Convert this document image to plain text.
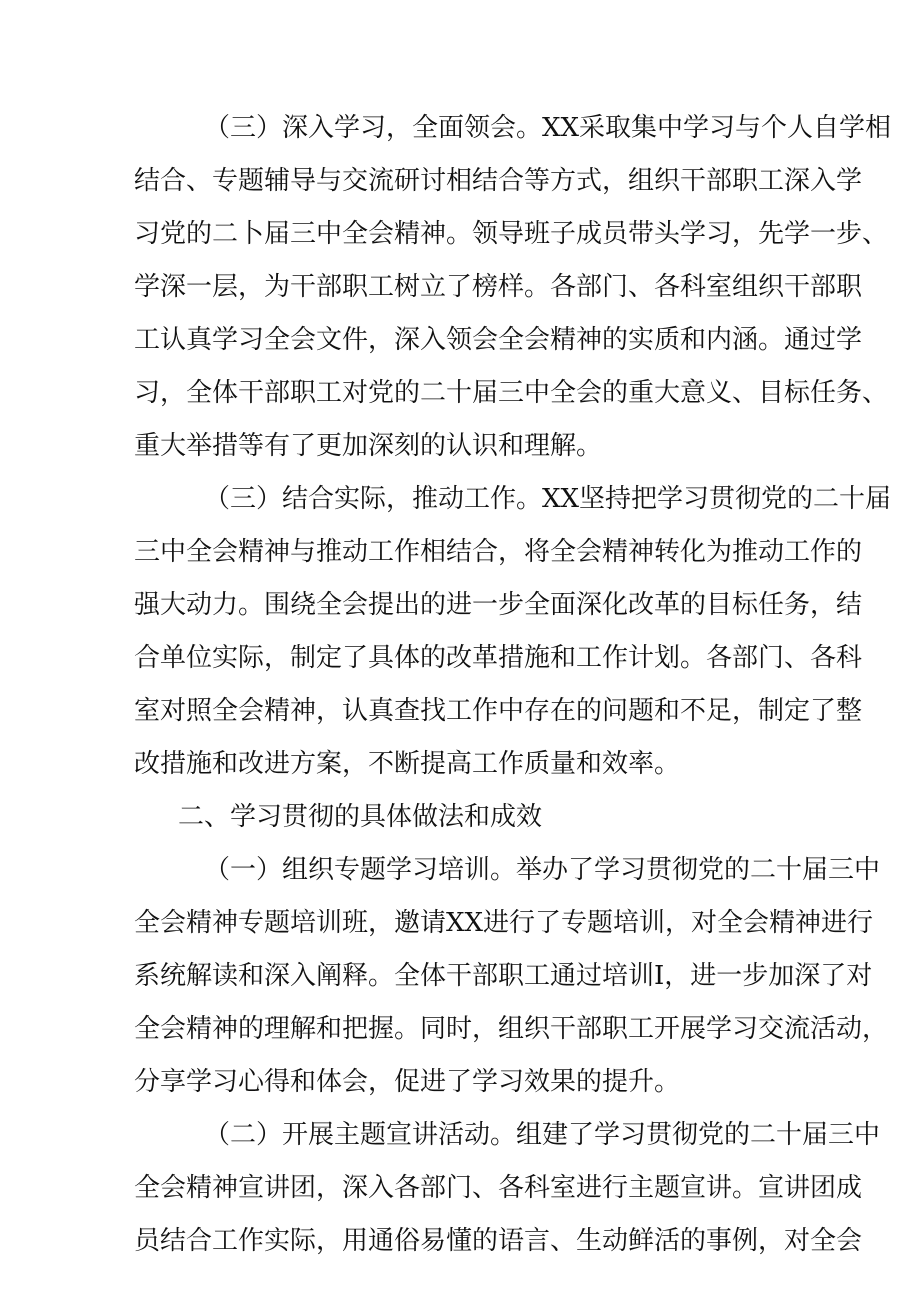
（三）深入学习，全面领会。XX采取集中学习与个人自学相
结合、专题辅导与交流研讨相结合等方式，组织干部职工深入学
习党的二卜届三中全会精神。领导班子成员带头学习，先学一步、
学深一层，为干部职工树立了榜样。各部门、各科室组织干部职
工认真学习全会文件，深入领会全会精神的实质和内涵。通过学
习，全体干部职工对党的二十届三中全会的重大意义、目标任务、
重大举措等有了更加深刻的认识和理解。
（三）结合实际，推动工作。XX坚持把学习贯彻党的二十届
三中全会精神与推动工作相结合，将全会精神转化为推动工作的
强大动力。围绕全会提出的进一步全面深化改革的目标任务，结
合单位实际，制定了具体的改革措施和工作计划。各部门、各科
室对照全会精神，认真查找工作中存在的问题和不足，制定了整
改措施和改进方案，不断提高工作质量和效率。
二、学习贯彻的具体做法和成效
（一）组织专题学习培训。举办了学习贯彻党的二十届三中
全会精神专题培训班，邀请XX进行了专题培训，对全会精神进行
系统解读和深入阐释。全体干部职工通过培训I，进一步加深了对
全会精神的理解和把握。同时，组织干部职工开展学习交流活动，
分享学习心得和体会，促进了学习效果的提升。
（二）开展主题宣讲活动。组建了学习贯彻党的二十届三中
全会精神宣讲团，深入各部门、各科室进行主题宣讲。宣讲团成
员结合工作实际，用通俗易懂的语言、生动鲜活的事例，对全会
